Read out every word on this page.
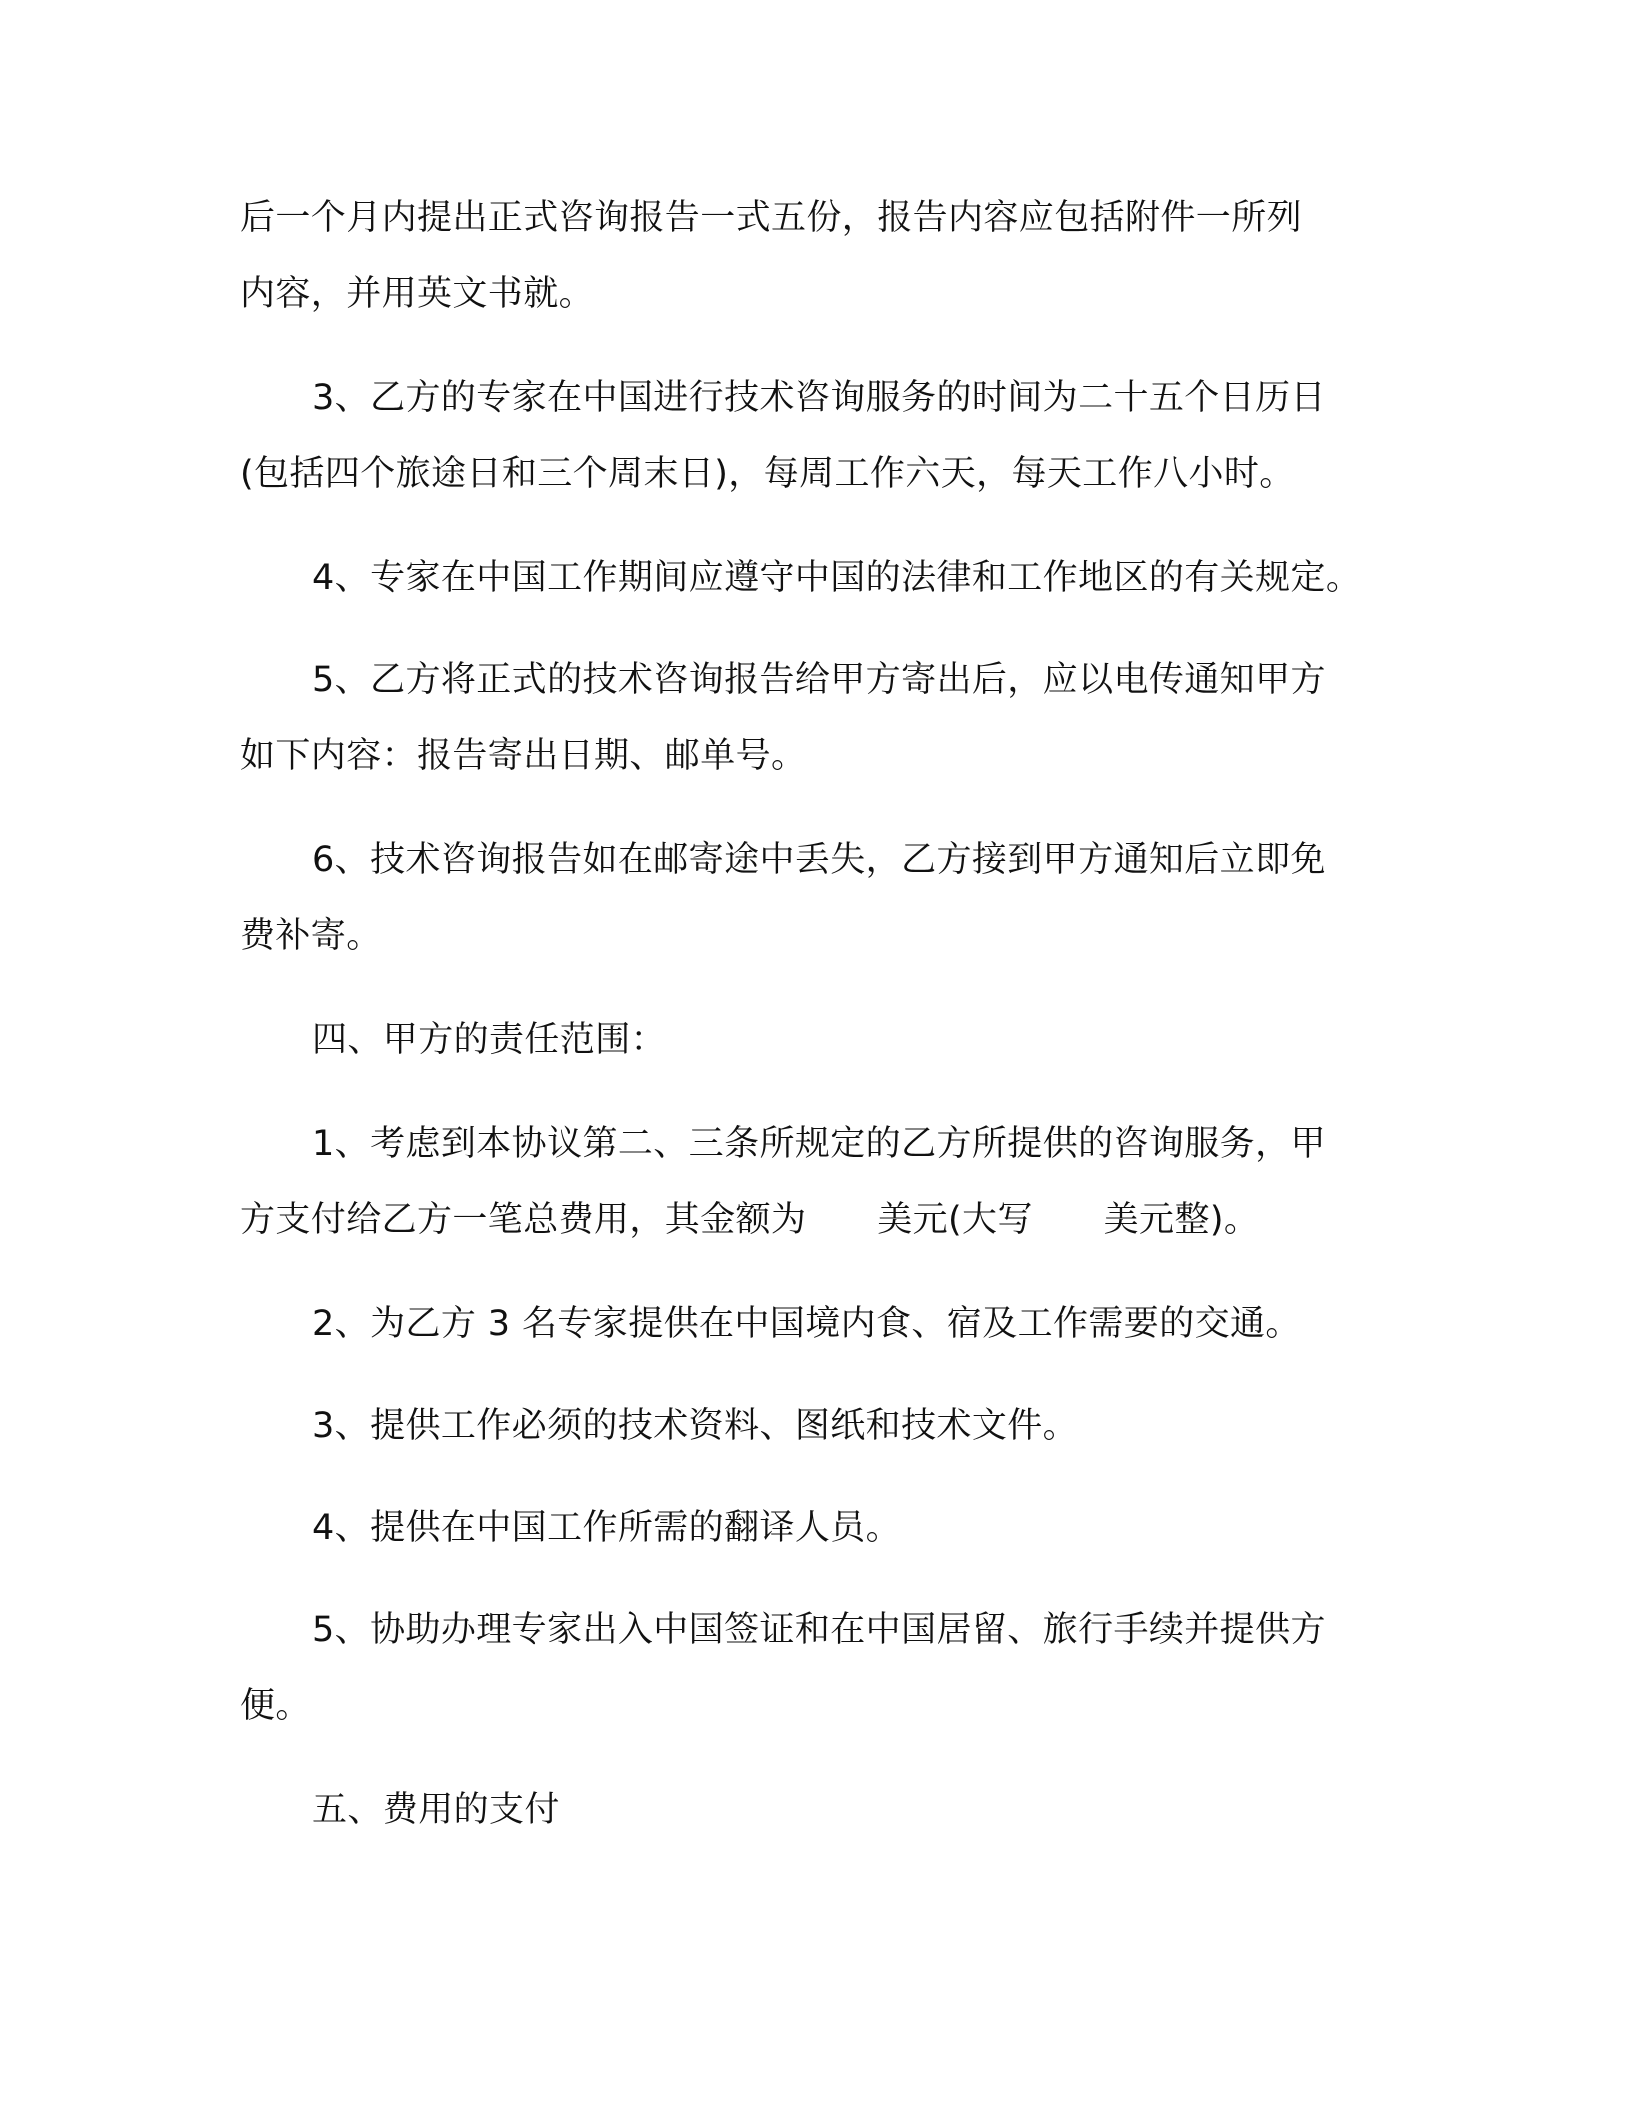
后一个月内提出正式咨询报告一式五份，报告内容应包括附件一所列
内容，并用英文书就。
3、乙方的专家在中国进行技术咨询服务的时间为二十五个日历日
(包括四个旅途日和三个周末日)，每周工作六天，每天工作八小时。
4、专家在中国工作期间应遵守中国的法律和工作地区的有关规定。
5、乙方将正式的技术咨询报告给甲方寄出后，应以电传通知甲方
如下内容：报告寄出日期、邮单号。
6、技术咨询报告如在邮寄途中丢失，乙方接到甲方通知后立即免
费补寄。
四、甲方的责任范围：
1、考虑到本协议第二、三条所规定的乙方所提供的咨询服务，甲
方支付给乙方一笔总费用，其金额为　　美元(大写　　美元整)。
2、为乙方 3 名专家提供在中国境内食、宿及工作需要的交通。
3、提供工作必须的技术资料、图纸和技术文件。
4、提供在中国工作所需的翻译人员。
5、协助办理专家出入中国签证和在中国居留、旅行手续并提供方
便。
五、费用的支付
